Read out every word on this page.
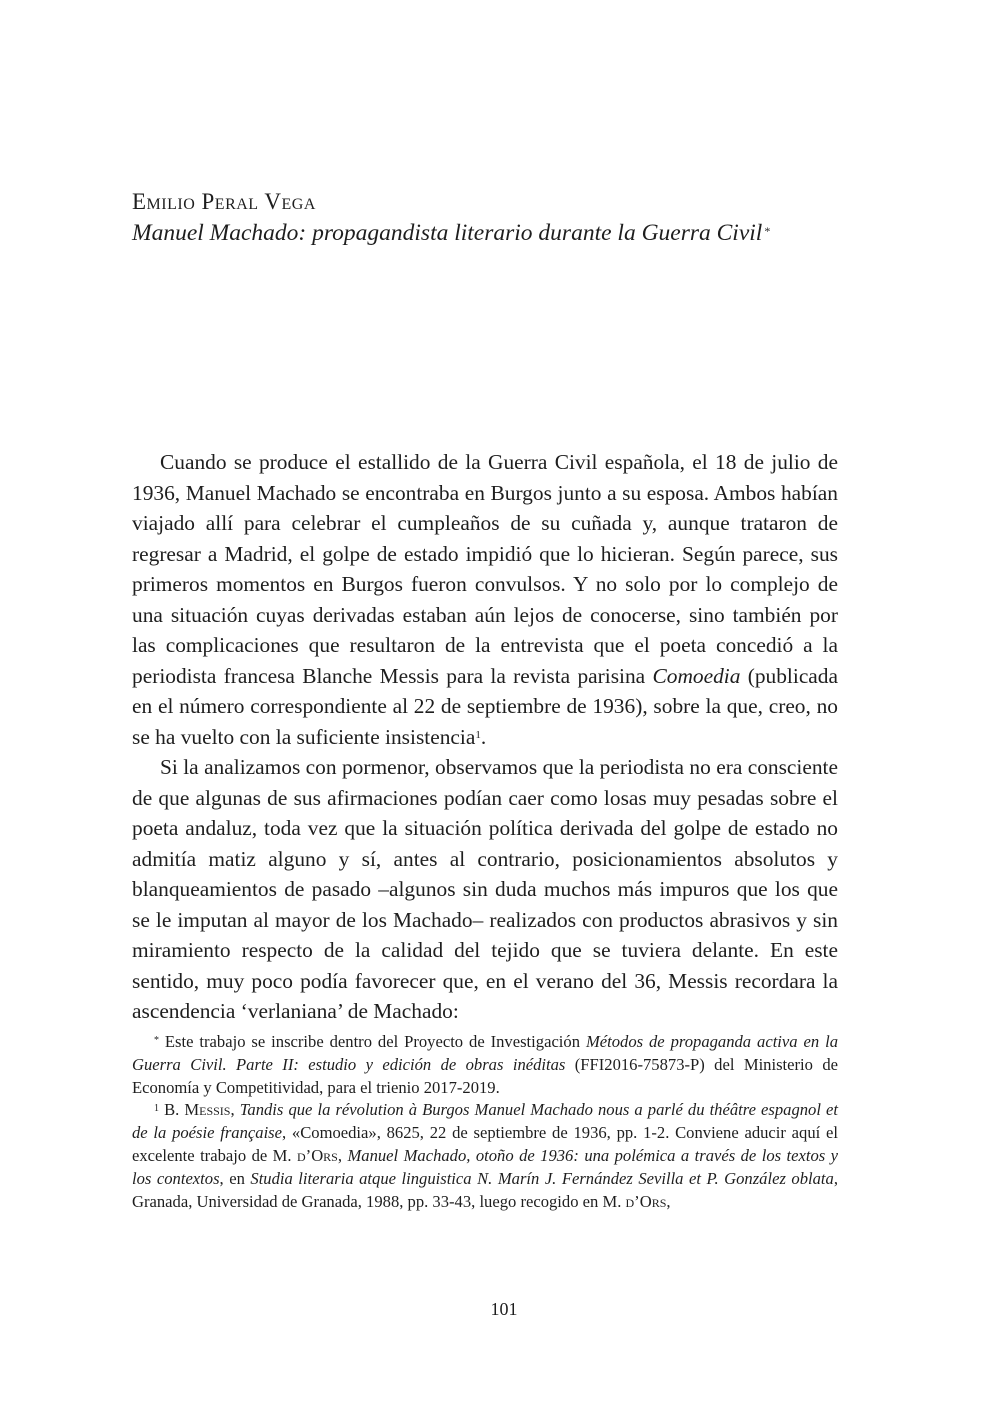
Emilio Peral Vega
Manuel Machado: propagandista literario durante la Guerra Civil *

Cuando se produce el estallido de la Guerra Civil española, el 18 de julio de 1936, Manuel Machado se encontraba en Burgos junto a su esposa. Ambos habían viajado allí para celebrar el cumpleaños de su cuñada y, aunque trataron de regresar a Madrid, el golpe de estado impidió que lo hicieran. Según parece, sus primeros momentos en Burgos fueron convulsos. Y no solo por lo complejo de una situación cuyas derivadas estaban aún lejos de conocerse, sino también por las complicaciones que resultaron de la entrevista que el poeta concedió a la periodista francesa Blanche Messis para la revista parisina Comoedia (publicada en el número correspondiente al 22 de septiembre de 1936), sobre la que, creo, no se ha vuelto con la suficiente insistencia$^1$.

Si la analizamos con pormenor, observamos que la periodista no era consciente de que algunas de sus afirmaciones podían caer como losas muy pesadas sobre el poeta andaluz, toda vez que la situación política derivada del golpe de estado no admitía matiz alguno y sí, antes al contrario, posicionamientos absolutos y blanqueamientos de pasado –algunos sin duda muchos más impuros que los que se le imputan al mayor de los Machado– realizados con productos abrasivos y sin miramiento respecto de la calidad del tejido que se tuviera delante. En este sentido, muy poco podía favorecer que, en el verano del 36, Messis recordara la ascendencia ‘verlaniana’ de Machado:

* Este trabajo se inscribe dentro del Proyecto de Investigación Métodos de propaganda activa en la Guerra Civil. Parte II: estudio y edición de obras inéditas (FFI2016-75873-P) del Ministerio de Economía y Competitividad, para el trienio 2017-2019.

$^1$ B. Messis, Tandis que la révolution à Burgos Manuel Machado nous a parlé du théâtre espagnol et de la poésie française, «Comoedia», 8625, 22 de septiembre de 1936, pp. 1-2. Conviene aducir aquí el excelente trabajo de M. d’Ors, Manuel Machado, otoño de 1936: una polémica a través de los textos y los contextos, en Studia literaria atque linguistica N. Marín J. Fernández Sevilla et P. González oblata, Granada, Universidad de Granada, 1988, pp. 33-43, luego recogido en M. d’Ors,

101
